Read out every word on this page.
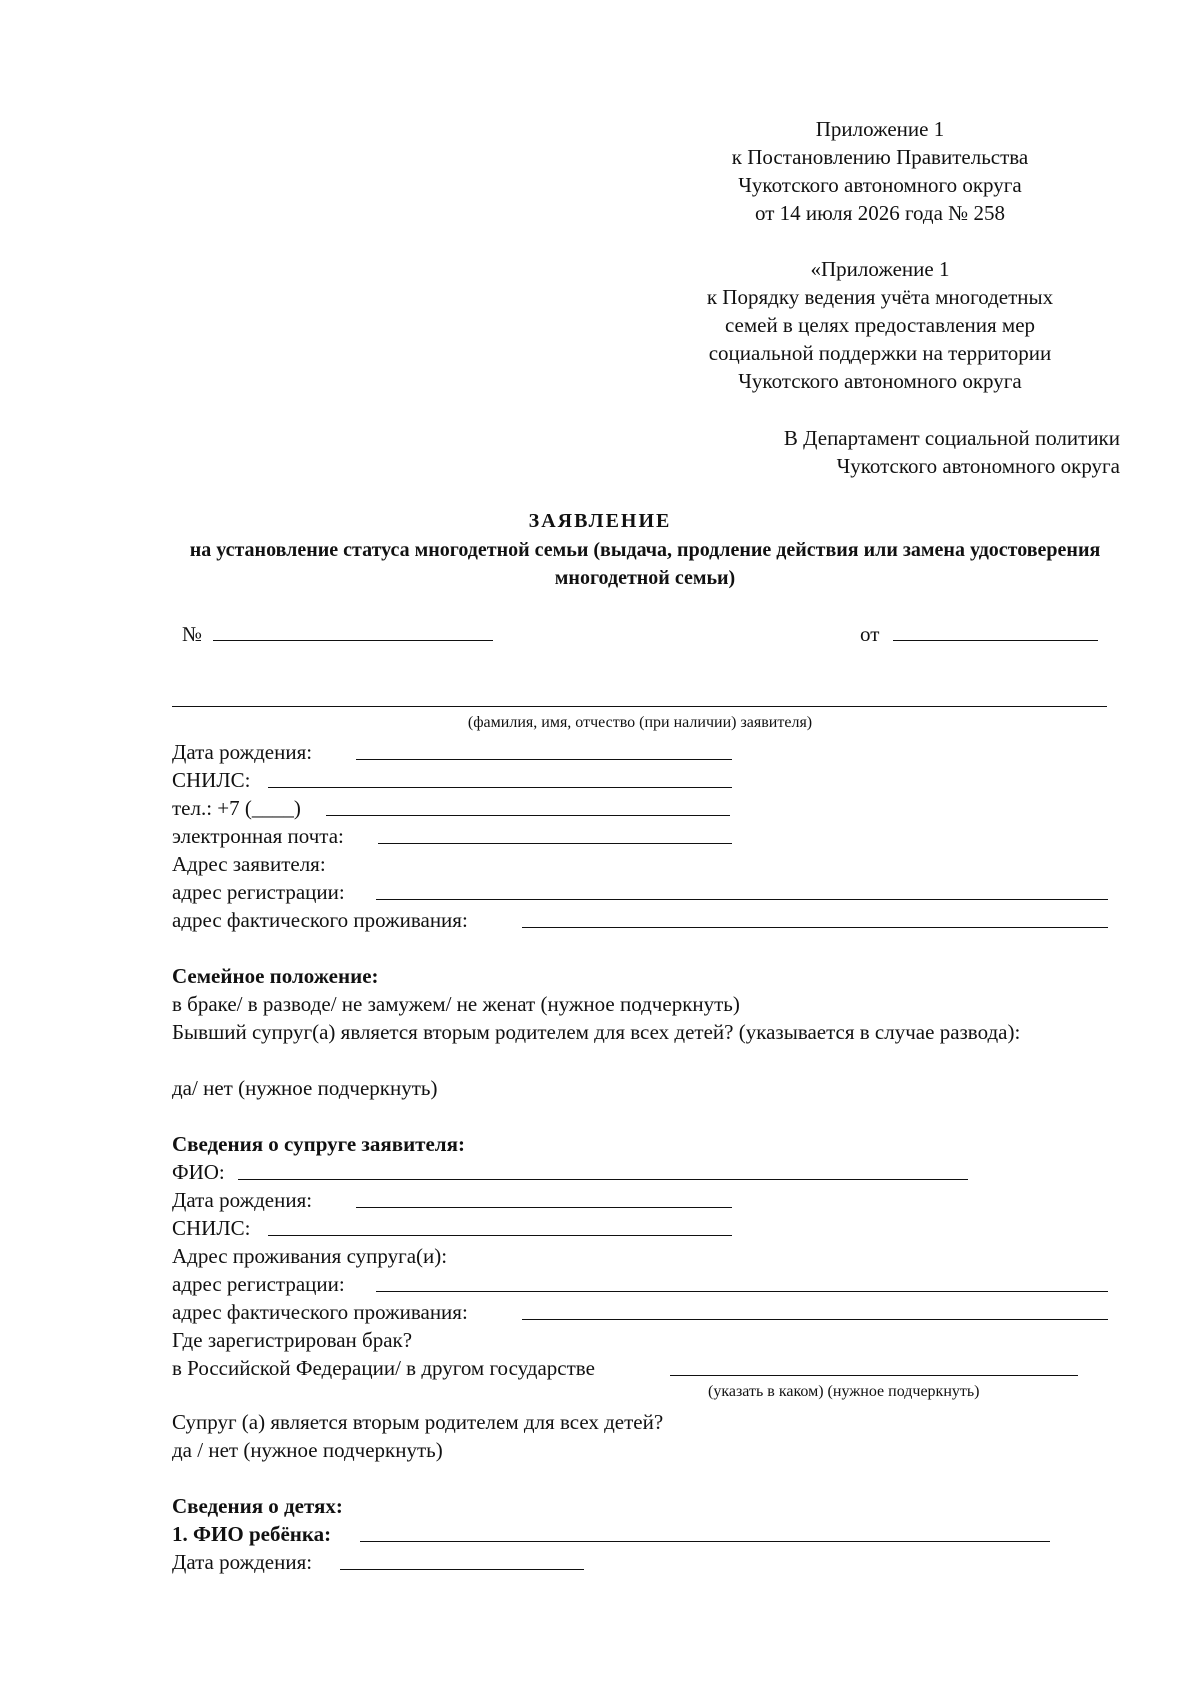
Приложение 1
к Постановлению Правительства
Чукотского автономного округа
от 14 июля 2026 года № 258
«Приложение 1
к Порядку ведения учёта многодетных
семей в целях предоставления мер
социальной поддержки на территории
Чукотского автономного округа
В Департамент социальной политики
Чукотского автономного округа
ЗАЯВЛЕНИЕ
на установление статуса многодетной семьи (выдача, продление действия или замена удостоверения многодетной семьи)
№	от
(фамилия, имя, отчество (при наличии) заявителя)
Дата рождения:
СНИЛС:
тел.: +7 (____)
электронная почта:
Адрес заявителя:
адрес регистрации:
адрес фактического проживания:
Семейное положение:
в браке/ в разводе/ не замужем/ не женат (нужное подчеркнуть)
Бывший супруг(а) является вторым родителем для всех детей? (указывается в случае развода):
да/ нет (нужное подчеркнуть)
Сведения о супруге заявителя:
ФИО:
Дата рождения:
СНИЛС:
Адрес проживания супруга(и):
адрес регистрации:
адрес фактического проживания:
Где зарегистрирован брак?
в Российской Федерации/ в другом государстве
(указать в каком) (нужное подчеркнуть)
Супруг (а) является вторым родителем для всех детей?
да / нет (нужное подчеркнуть)
Сведения о детях:
1. ФИО ребёнка:
Дата рождения:
